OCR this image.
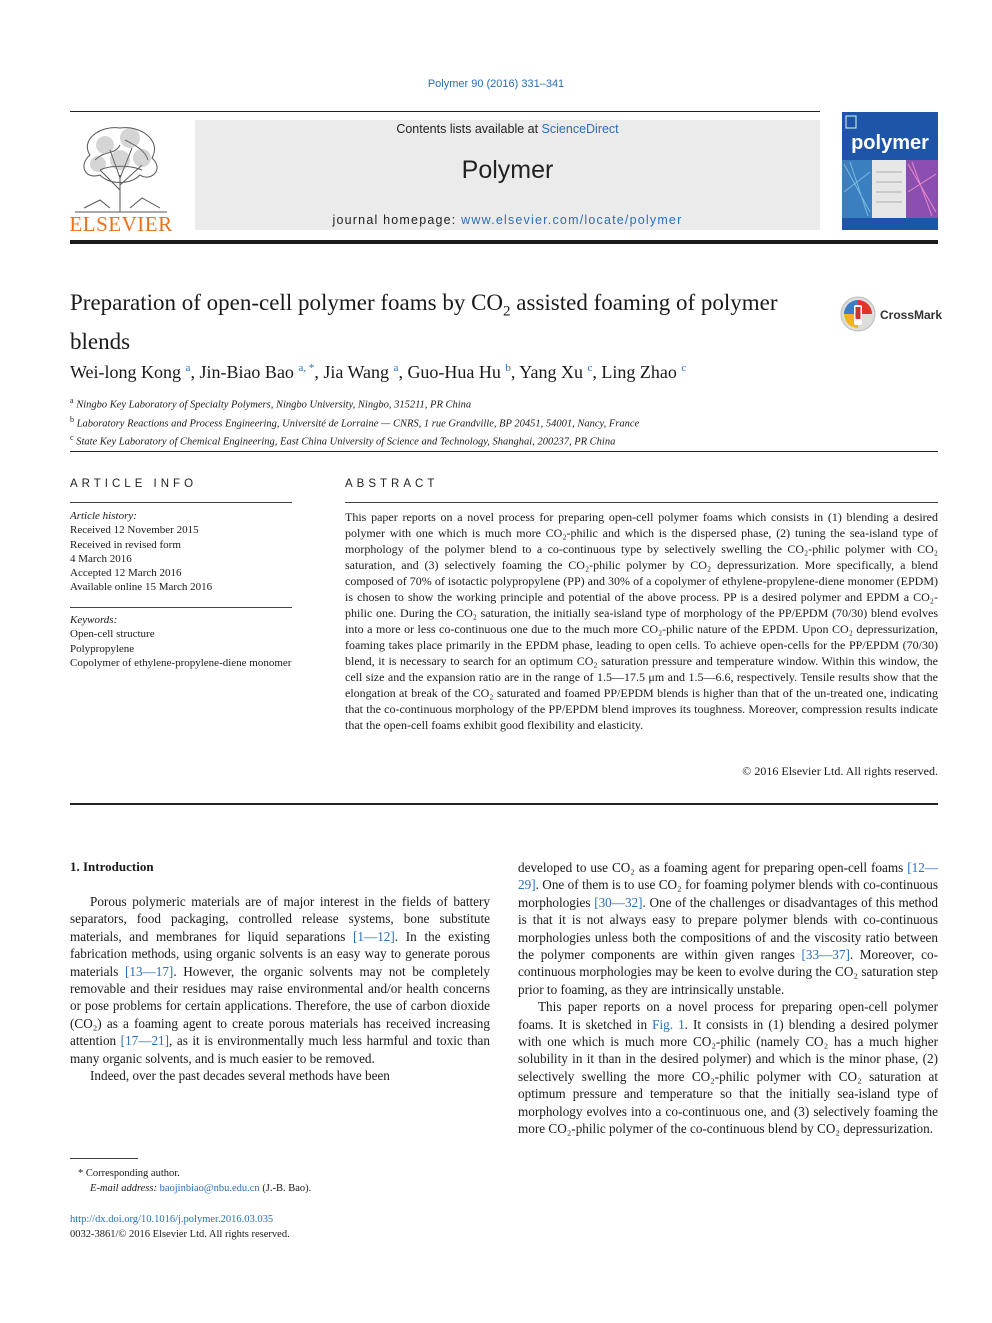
Polymer 90 (2016) 331–341
ELSEVIER
Contents lists available at ScienceDirect
Polymer
journal homepage: www.elsevier.com/locate/polymer
polymer
Preparation of open-cell polymer foams by $CO_2$ assisted foaming of polymer blends
CrossMark
Wei-long Kong $^a$, Jin-Biao Bao $^{a, *}$, Jia Wang $^a$, Guo-Hua Hu $^b$, Yang Xu $^c$, Ling Zhao $^c$
$^a$ Ningbo Key Laboratory of Specialty Polymers, Ningbo University, Ningbo, 315211, PR China
$^b$ Laboratory Reactions and Process Engineering, Université de Lorraine — CNRS, 1 rue Grandville, BP 20451, 54001, Nancy, France
$^c$ State Key Laboratory of Chemical Engineering, East China University of Science and Technology, Shanghai, 200237, PR China
ARTICLE INFO
Article history:
Received 12 November 2015
Received in revised form
4 March 2016
Accepted 12 March 2016
Available online 15 March 2016
Keywords:
Open-cell structure
Polypropylene
Copolymer of ethylene-propylene-diene monomer
ABSTRACT
This paper reports on a novel process for preparing open-cell polymer foams which consists in (1) blending a desired polymer with one which is much more CO₂-philic and which is the dispersed phase, (2) tuning the sea-island type of morphology of the polymer blend to a co-continuous type by selectively swelling the CO₂-philic polymer with CO₂ saturation, and (3) selectively foaming the CO₂-philic polymer by CO₂ depressurization. More specifically, a blend composed of 70% of isotactic polypropylene (PP) and 30% of a copolymer of ethylene-propylene-diene monomer (EPDM) is chosen to show the working principle and potential of the above process. PP is a desired polymer and EPDM a CO₂-philic one. During the CO₂ saturation, the initially sea-island type of morphology of the PP/EPDM (70/30) blend evolves into a more or less co-continuous one due to the much more CO₂-philic nature of the EPDM. Upon CO₂ depressurization, foaming takes place primarily in the EPDM phase, leading to open cells. To achieve open-cells for the PP/EPDM (70/30) blend, it is necessary to search for an optimum CO₂ saturation pressure and temperature window. Within this window, the cell size and the expansion ratio are in the range of 1.5—17.5 μm and 1.5—6.6, respectively. Tensile results show that the elongation at break of the CO₂ saturated and foamed PP/EPDM blends is higher than that of the un-treated one, indicating that the co-continuous morphology of the PP/EPDM blend improves its toughness. Moreover, compression results indicate that the open-cell foams exhibit good flexibility and elasticity.
© 2016 Elsevier Ltd. All rights reserved.
1. Introduction

Porous polymeric materials are of major interest in the fields of battery separators, food packaging, controlled release systems, bone substitute materials, and membranes for liquid separations [1—12]. In the existing fabrication methods, using organic solvents is an easy way to generate porous materials [13—17]. However, the organic solvents may not be completely removable and their residues may raise environmental and/or health concerns or pose problems for certain applications. Therefore, the use of carbon dioxide (CO₂) as a foaming agent to create porous materials has received increasing attention [17—21], as it is environmentally much less harmful and toxic than many organic solvents, and is much easier to be removed.

Indeed, over the past decades several methods have been

developed to use CO₂ as a foaming agent for preparing open-cell foams [12—29]. One of them is to use CO₂ for foaming polymer blends with co-continuous morphologies [30—32]. One of the challenges or disadvantages of this method is that it is not always easy to prepare polymer blends with co-continuous morphologies unless both the compositions of and the viscosity ratio between the polymer components are within given ranges [33—37]. Moreover, co-continuous morphologies may be keen to evolve during the CO₂ saturation step prior to foaming, as they are intrinsically unstable.

This paper reports on a novel process for preparing open-cell polymer foams. It is sketched in Fig. 1. It consists in (1) blending a desired polymer with one which is much more CO₂-philic (namely CO₂ has a much higher solubility in it than in the desired polymer) and which is the minor phase, (2) selectively swelling the more CO₂-philic polymer with CO₂ saturation at optimum pressure and temperature so that the initially sea-island type of morphology evolves into a co-continuous one, and (3) selectively foaming the more CO₂-philic polymer of the co-continuous blend by CO₂ depressurization.

* Corresponding author.
E-mail address: baojinbiao@nbu.edu.cn (J.-B. Bao).
http://dx.doi.org/10.1016/j.polymer.2016.03.035
0032-3861/© 2016 Elsevier Ltd. All rights reserved.
